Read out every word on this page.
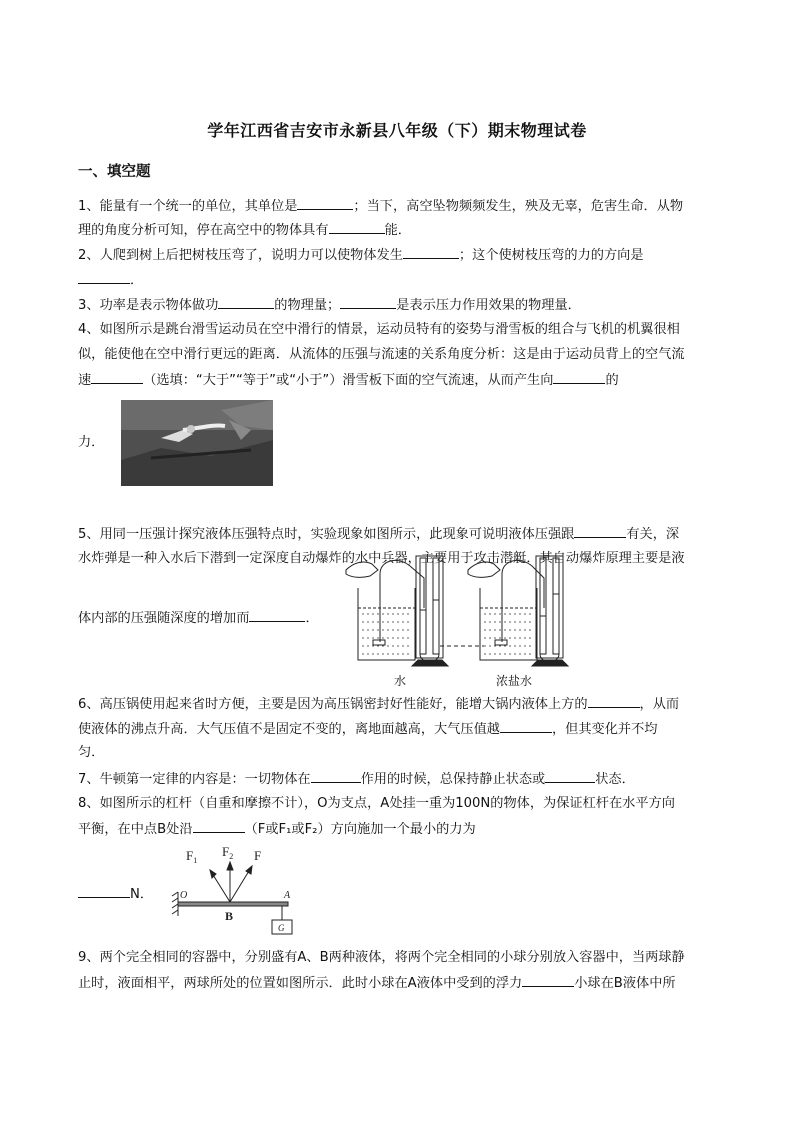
学年江西省吉安市永新县八年级（下）期末物理试卷
一、填空题
1、能量有一个统一的单位，其单位是	；当下，高空坠物频频发生，殃及无辜，危害生命．从物
理的角度分析可知，停在高空中的物体具有	能．
2、人爬到树上后把树枝压弯了，说明力可以使物体发生	；这个使树枝压弯的力的方向是
．
3、功率是表示物体做功	的物理量；	是表示压力作用效果的物理量．
4、如图所示是跳台滑雪运动员在空中滑行的情景，运动员特有的姿势与滑雪板的组合与飞机的机翼很相
似，能使他在空中滑行更远的距离．从流体的压强与流速的关系角度分析：这是由于运动员背上的空气流
速	（选填：“大于”“等于”或“小于”）滑雪板下面的空气流速，从而产生向	的
力．
5、用同一压强计探究液体压强特点时，实验现象如图所示，此现象可说明液体压强跟	有关，深
水炸弹是一种入水后下潜到一定深度自动爆炸的水中兵器，主要用于攻击潜艇．其自动爆炸原理主要是液
体内部的压强随深度的增加而	．
水	浓盐水
6、高压锅使用起来省时方便，主要是因为高压锅密封好性能好，能增大锅内液体上方的	，从而
使液体的沸点升高．大气压值不是固定不变的，离地面越高，大气压值越	，但其变化并不均
匀．
7、牛顿第一定律的内容是：一切物体在	作用的时候，总保持静止状态或	状态．
8、如图所示的杠杆（自重和摩擦不计），O为支点，A处挂一重为100N的物体，为保证杠杆在水平方向
平衡，在中点B处沿	（F或F₁或F₂）方向施加一个最小的力为
N．
$F_1$
$F_2$ F
O	A
B
G
9、两个完全相同的容器中，分别盛有A、B两种液体，将两个完全相同的小球分别放入容器中，当两球静
止时，液面相平，两球所处的位置如图所示．此时小球在A液体中受到的浮力	小球在B液体中所
